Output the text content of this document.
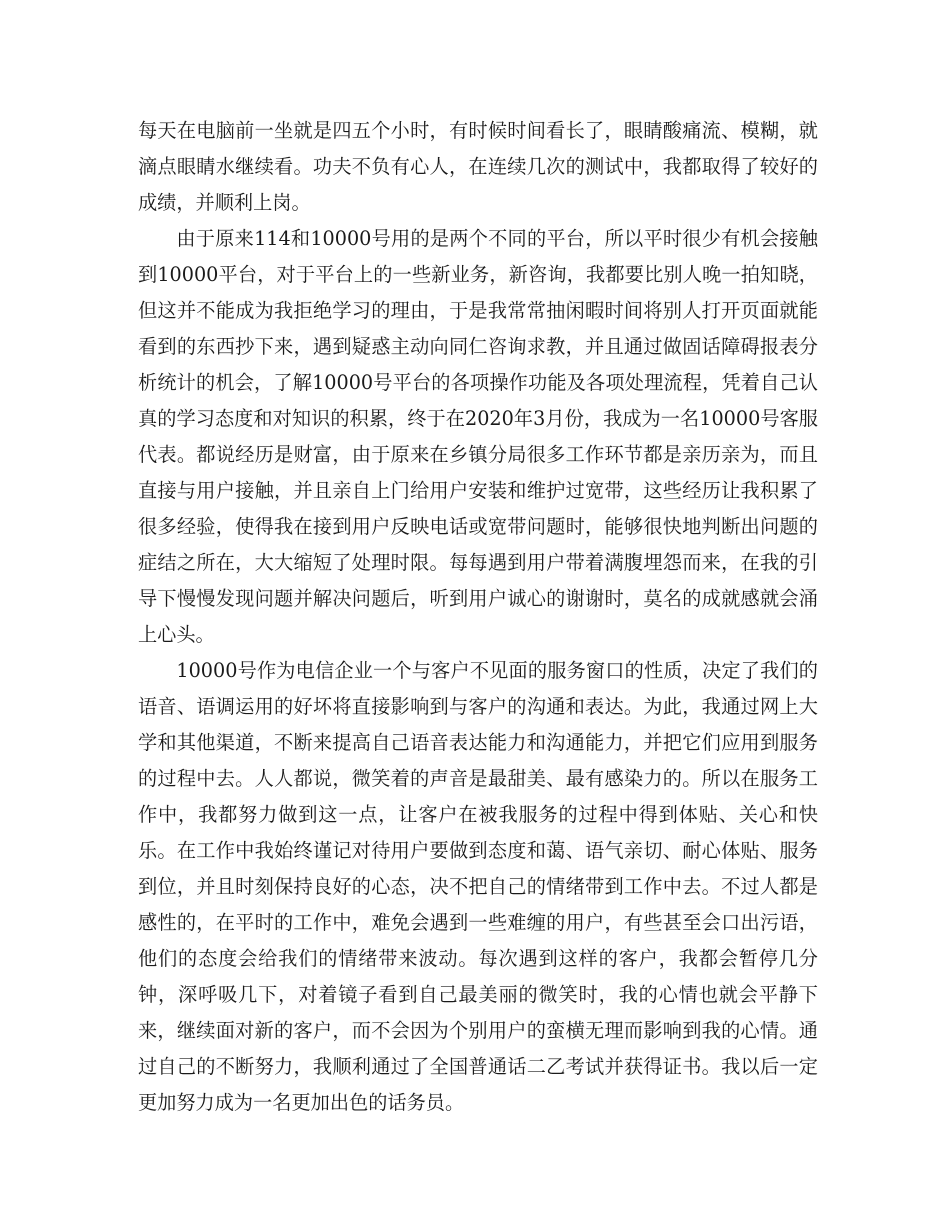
每天在电脑前一坐就是四五个小时，有时候时间看长了，眼睛酸痛流、模糊，就滴点眼睛水继续看。功夫不负有心人，在连续几次的测试中，我都取得了较好的成绩，并顺利上岗。

由于原来114和10000号用的是两个不同的平台，所以平时很少有机会接触到10000平台，对于平台上的一些新业务，新咨询，我都要比别人晚一拍知晓，但这并不能成为我拒绝学习的理由，于是我常常抽闲暇时间将别人打开页面就能看到的东西抄下来，遇到疑惑主动向同仁咨询求教，并且通过做固话障碍报表分析统计的机会，了解10000号平台的各项操作功能及各项处理流程，凭着自己认真的学习态度和对知识的积累，终于在2020年3月份，我成为一名10000号客服代表。都说经历是财富，由于原来在乡镇分局很多工作环节都是亲历亲为，而且直接与用户接触，并且亲自上门给用户安装和维护过宽带，这些经历让我积累了很多经验，使得我在接到用户反映电话或宽带问题时，能够很快地判断出问题的症结之所在，大大缩短了处理时限。每每遇到用户带着满腹埋怨而来，在我的引导下慢慢发现问题并解决问题后，听到用户诚心的谢谢时，莫名的成就感就会涌上心头。

10000号作为电信企业一个与客户不见面的服务窗口的性质，决定了我们的语音、语调运用的好坏将直接影响到与客户的沟通和表达。为此，我通过网上大学和其他渠道，不断来提高自己语音表达能力和沟通能力，并把它们应用到服务的过程中去。人人都说，微笑着的声音是最甜美、最有感染力的。所以在服务工作中，我都努力做到这一点，让客户在被我服务的过程中得到体贴、关心和快乐。在工作中我始终谨记对待用户要做到态度和蔼、语气亲切、耐心体贴、服务到位，并且时刻保持良好的心态，决不把自己的情绪带到工作中去。不过人都是感性的，在平时的工作中，难免会遇到一些难缠的用户，有些甚至会口出污语，他们的态度会给我们的情绪带来波动。每次遇到这样的客户，我都会暂停几分钟，深呼吸几下，对着镜子看到自己最美丽的微笑时，我的心情也就会平静下来，继续面对新的客户，而不会因为个别用户的蛮横无理而影响到我的心情。通过自己的不断努力，我顺利通过了全国普通话二乙考试并获得证书。我以后一定更加努力成为一名更加出色的话务员。
